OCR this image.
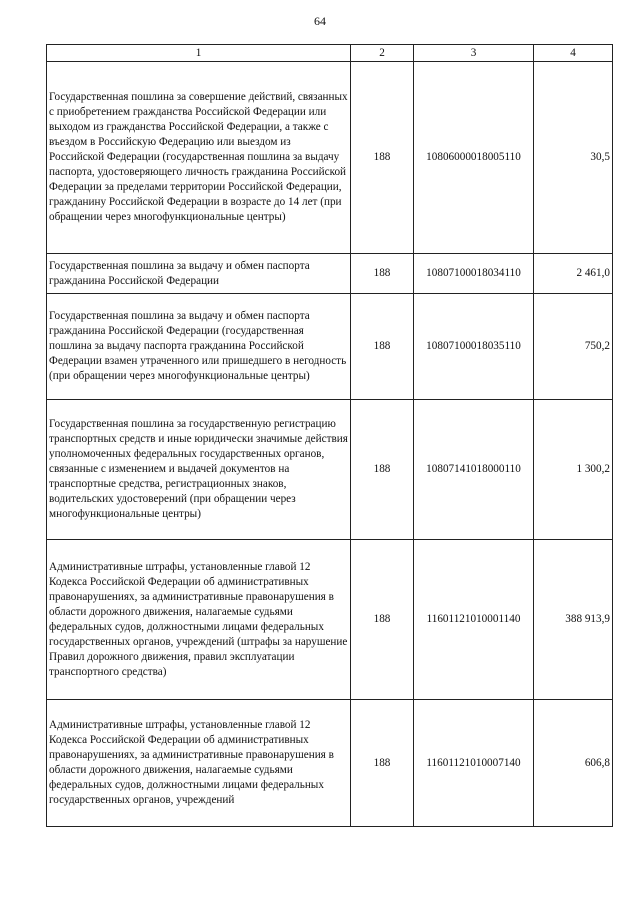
64
1	2	3	4
Государственная пошлина за совершение действий, связанных с приобретением гражданства Российской Федерации или выходом из гражданства Российской Федерации, а также с въездом в Российскую Федерацию или выездом из Российской Федерации (государственная пошлина за выдачу паспорта, удостоверяющего личность гражданина Российской Федерации за пределами территории Российской Федерации, гражданину Российской Федерации в возрасте до 14 лет (при обращении через многофункциональные центры)	188	10806000018005110	30,5
Государственная пошлина за выдачу и обмен паспорта гражданина Российской Федерации	188	10807100018034110	2 461,0
Государственная пошлина за выдачу и обмен паспорта гражданина Российской Федерации (государственная пошлина за выдачу паспорта гражданина Российской Федерации взамен утраченного или пришедшего в негодность (при обращении через многофункциональные центры)	188	10807100018035110	750,2
Государственная пошлина за государственную регистрацию транспортных средств и иные юридически значимые действия уполномоченных федеральных государственных органов, связанные с изменением и выдачей документов на транспортные средства, регистрационных знаков, водительских удостоверений (при обращении через многофункциональные центры)	188	10807141018000110	1 300,2
Административные штрафы, установленные главой 12 Кодекса Российской Федерации об административных правонарушениях, за административные правонарушения в области дорожного движения, налагаемые судьями федеральных судов, должностными лицами федеральных государственных органов, учреждений (штрафы за нарушение Правил дорожного движения, правил эксплуатации транспортного средства)	188	11601121010001140	388 913,9
Административные штрафы, установленные главой 12 Кодекса Российской Федерации об административных правонарушениях, за административные правонарушения в области дорожного движения, налагаемые судьями федеральных судов, должностными лицами федеральных государственных органов, учреждений	188	11601121010007140	606,8
